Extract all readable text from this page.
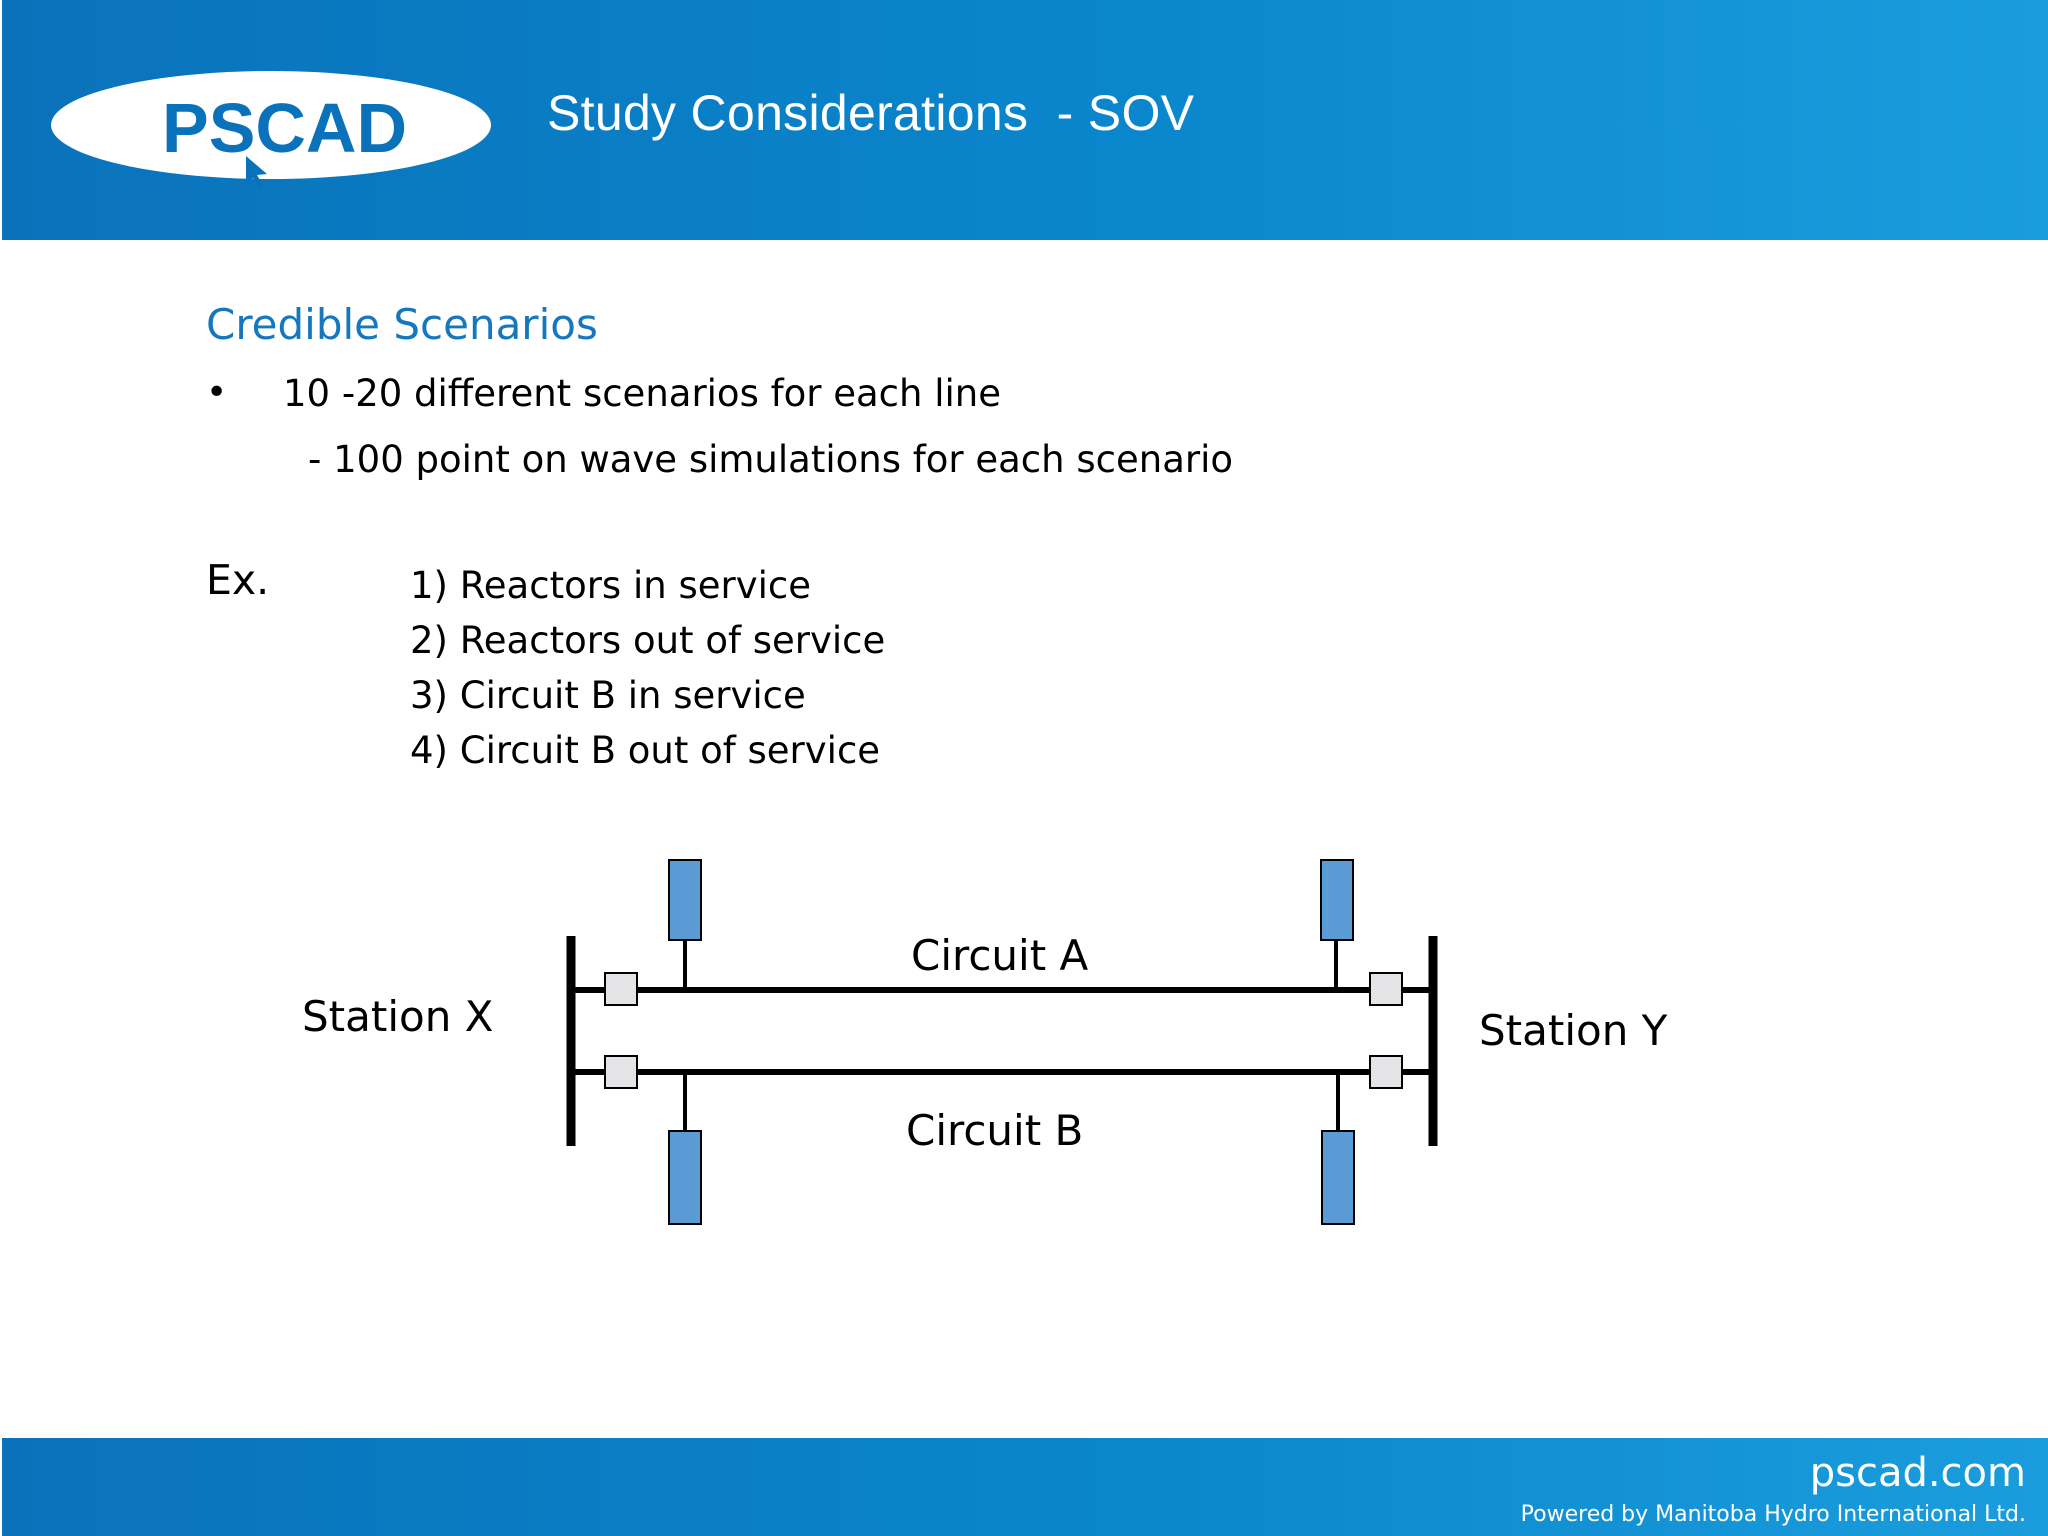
PSCAD	Study Considerations  - SOV
Credible Scenarios
• 10 -20 different scenarios for each line
- 100 point on wave simulations for each scenario
Ex.	1) Reactors in service
2) Reactors out of service
3) Circuit B in service
4) Circuit B out of service
Station X	Station Y
Circuit A
Circuit B
pscad.com
Powered by Manitoba Hydro International Ltd.
